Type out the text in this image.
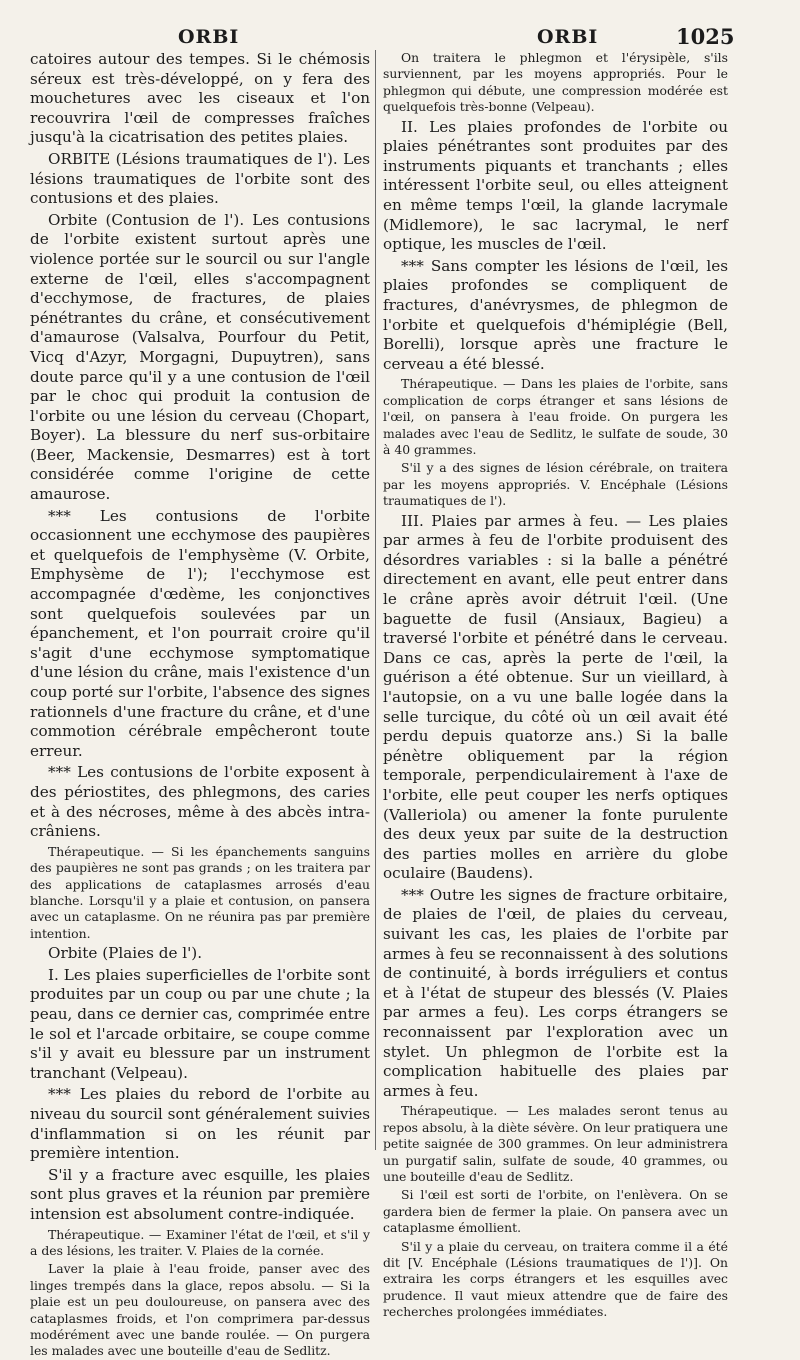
ORBI	ORBI	1025

catoires autour des tempes. Si le chémosis séreux est très-développé, on y fera des mouchetures avec les ciseaux et l'on recouvrira l'œil de compresses fraîches jusqu'à la cicatrisation des petites plaies.

ORBITE (Lésions traumatiques de l'). Les lésions traumatiques de l'orbite sont des contusions et des plaies.

Orbite (Contusion de l'). Les contusions de l'orbite existent surtout après une violence portée sur le sourcil ou sur l'angle externe de l'œil, elles s'accompagnent d'ecchymose, de fractures, de plaies pénétrantes du crâne, et consécutivement d'amaurose (Valsalva, Pourfour du Petit, Vicq d'Azyr, Morgagni, Dupuytren), sans doute parce qu'il y a une contusion de l'œil par le choc qui produit la contusion de l'orbite ou une lésion du cerveau (Chopart, Boyer). La blessure du nerf sus-orbitaire (Beer, Mackensie, Desmarres) est à tort considérée comme l'origine de cette amaurose.

*** Les contusions de l'orbite occasionnent une ecchymose des paupières et quelquefois de l'emphysème (V. Orbite, Emphysème de l'); l'ecchymose est accompagnée d'œdème, les conjonctives sont quelquefois soulevées par un épanchement, et l'on pourrait croire qu'il s'agit d'une ecchymose symptomatique d'une lésion du crâne, mais l'existence d'un coup porté sur l'orbite, l'absence des signes rationnels d'une fracture du crâne, et d'une commotion cérébrale empêcheront toute erreur.

*** Les contusions de l'orbite exposent à des périostites, des phlegmons, des caries et à des nécroses, même à des abcès intra-crâniens.

Thérapeutique. — Si les épanchements sanguins des paupières ne sont pas grands ; on les traitera par des applications de cataplasmes arrosés d'eau blanche. Lorsqu'il y a plaie et contusion, on pansera avec un cataplasme. On ne réunira pas par première intention.

Orbite (Plaies de l').

I. Les plaies superficielles de l'orbite sont produites par un coup ou par une chute ; la peau, dans ce dernier cas, comprimée entre le sol et l'arcade orbitaire, se coupe comme s'il y avait eu blessure par un instrument tranchant (Velpeau).

*** Les plaies du rebord de l'orbite au niveau du sourcil sont généralement suivies d'inflammation si on les réunit par première intention.

S'il y a fracture avec esquille, les plaies sont plus graves et la réunion par première intension est absolument contre-indiquée.

Thérapeutique. — Examiner l'état de l'œil, et s'il y a des lésions, les traiter. V. Plaies de la cornée.

Laver la plaie à l'eau froide, panser avec des linges trempés dans la glace, repos absolu. — Si la plaie est un peu douloureuse, on pansera avec des cataplasmes froids, et l'on comprimera par-dessus modérément avec une bande roulée. — On purgera les malades avec une bouteille d'eau de Sedlitz.

On traitera le phlegmon et l'érysipèle, s'ils surviennent, par les moyens appropriés. Pour le phlegmon qui débute, une compression modérée est quelquefois très-bonne (Velpeau).

II. Les plaies profondes de l'orbite ou plaies pénétrantes sont produites par des instruments piquants et tranchants ; elles intéressent l'orbite seul, ou elles atteignent en même temps l'œil, la glande lacrymale (Midlemore), le sac lacrymal, le nerf optique, les muscles de l'œil.

*** Sans compter les lésions de l'œil, les plaies profondes se compliquent de fractures, d'anévrysmes, de phlegmon de l'orbite et quelquefois d'hémiplégie (Bell, Borelli), lorsque après une fracture le cerveau a été blessé.

Thérapeutique. — Dans les plaies de l'orbite, sans complication de corps étranger et sans lésions de l'œil, on pansera à l'eau froide. On purgera les malades avec l'eau de Sedlitz, le sulfate de soude, 30 à 40 grammes.

S'il y a des signes de lésion cérébrale, on traitera par les moyens appropriés. V. Encéphale (Lésions traumatiques de l').

III. Plaies par armes à feu. — Les plaies par armes à feu de l'orbite produisent des désordres variables : si la balle a pénétré directement en avant, elle peut entrer dans le crâne après avoir détruit l'œil. (Une baguette de fusil (Ansiaux, Bagieu) a traversé l'orbite et pénétré dans le cerveau. Dans ce cas, après la perte de l'œil, la guérison a été obtenue. Sur un vieillard, à l'autopsie, on a vu une balle logée dans la selle turcique, du côté où un œil avait été perdu depuis quatorze ans.) Si la balle pénètre obliquement par la région temporale, perpendiculairement à l'axe de l'orbite, elle peut couper les nerfs optiques (Valleriola) ou amener la fonte purulente des deux yeux par suite de la destruction des parties molles en arrière du globe oculaire (Baudens).

*** Outre les signes de fracture orbitaire, de plaies de l'œil, de plaies du cerveau, suivant les cas, les plaies de l'orbite par armes à feu se reconnaissent à des solutions de continuité, à bords irréguliers et contus et à l'état de stupeur des blessés (V. Plaies par armes a feu). Les corps étrangers se reconnaissent par l'exploration avec un stylet. Un phlegmon de l'orbite est la complication habituelle des plaies par armes à feu.

Thérapeutique. — Les malades seront tenus au repos absolu, à la diète sévère. On leur pratiquera une petite saignée de 300 grammes. On leur administrera un purgatif salin, sulfate de soude, 40 grammes, ou une bouteille d'eau de Sedlitz.

Si l'œil est sorti de l'orbite, on l'enlèvera. On se gardera bien de fermer la plaie. On pansera avec un cataplasme émollient.

S'il y a plaie du cerveau, on traitera comme il a été dit [V. Encéphale (Lésions traumatiques de l')]. On extraira les corps étrangers et les esquilles avec prudence. Il vaut mieux attendre que de faire des recherches prolongées immédiates.
